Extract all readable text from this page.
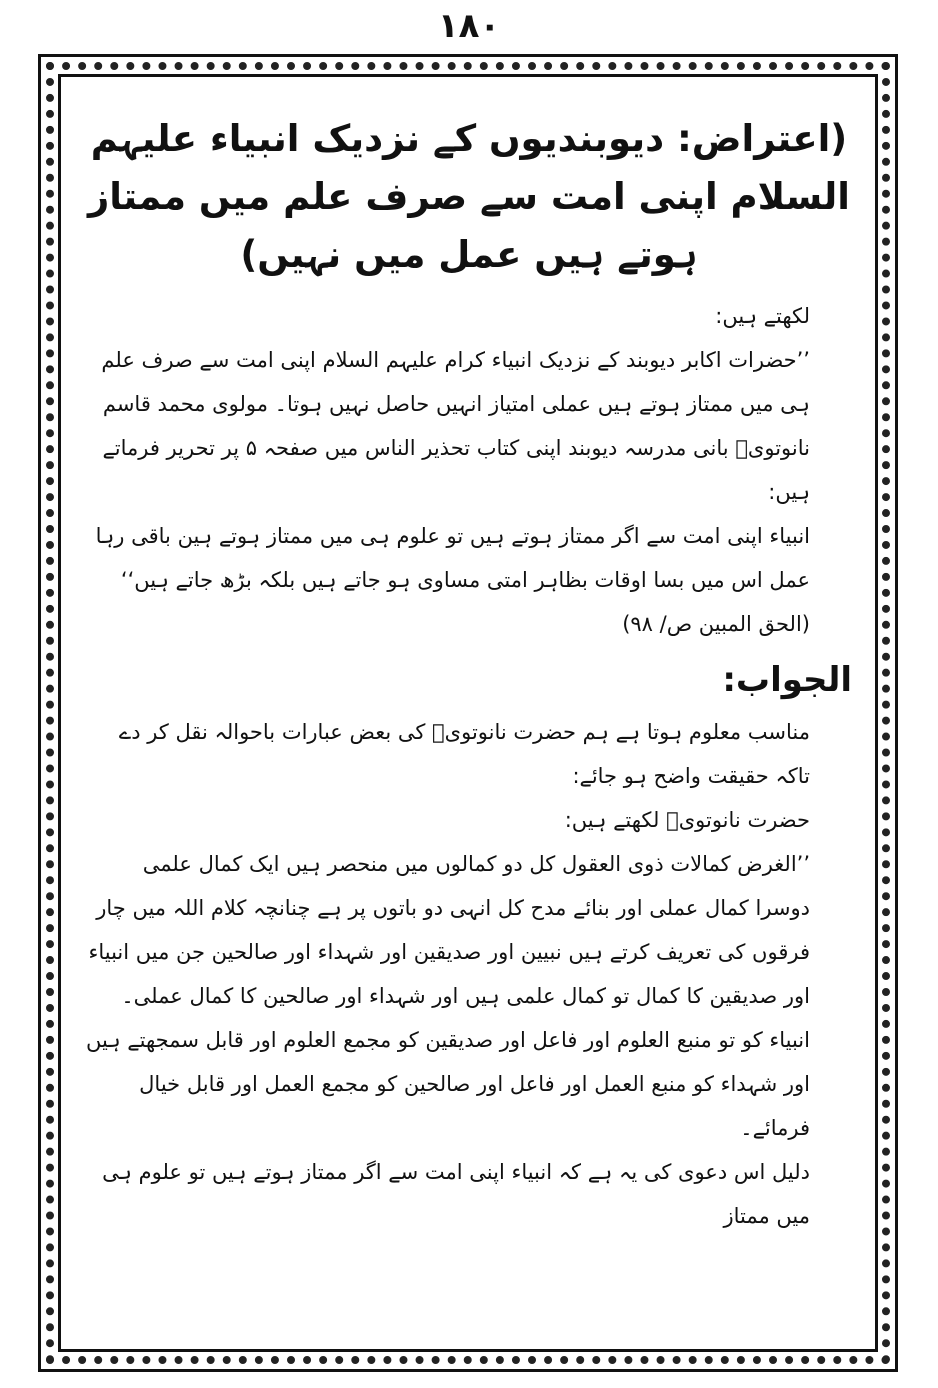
۱۸۰
(اعتراض: دیوبندیوں کے نزدیک انبیاء علیہم السلام اپنی امت سے صرف علم میں ممتاز ہوتے ہیں عمل میں نہیں)

لکھتے ہیں:

’’حضرات اکابر دیوبند کے نزدیک انبیاء کرام علیہم السلام اپنی امت سے صرف علم ہی میں ممتاز ہوتے ہیں عملی امتیاز انہیں حاصل نہیں ہوتا۔ مولوی محمد قاسم نانوتویؒ بانی مدرسہ دیوبند اپنی کتاب تحذیر الناس میں صفحہ ۵ پر تحریر فرماتے ہیں:

انبیاء اپنی امت سے اگر ممتاز ہوتے ہیں تو علوم ہی میں ممتاز ہوتے ہین باقی رہا عمل اس میں بسا اوقات بظاہر امتی مساوی ہو جاتے ہیں بلکہ بڑھ جاتے ہیں‘‘ (الحق المبین ص/ ۹۸)

الجواب:

مناسب معلوم ہوتا ہے ہم حضرت نانوتویؒ کی بعض عبارات باحوالہ نقل کر دے تاکہ حقیقت واضح ہو جائے:

حضرت نانوتویؒ لکھتے ہیں:

’’الغرض کمالات ذوی العقول کل دو کمالوں میں منحصر ہیں ایک کمال علمی دوسرا کمال عملی اور بنائے مدح کل انہی دو باتوں پر ہے چنانچہ کلام اللہ میں چار فرقوں کی تعریف کرتے ہیں نبیین اور صدیقین اور شہداء اور صالحین جن میں انبیاء اور صدیقین کا کمال تو کمال علمی ہیں اور شہداء اور صالحین کا کمال عملی۔ انبیاء کو تو منبع العلوم اور فاعل اور صدیقین کو مجمع العلوم اور قابل سمجھتے ہیں اور شہداء کو منبع العمل اور فاعل اور صالحین کو مجمع العمل اور قابل خیال فرمائے۔

دلیل اس دعوی کی یہ ہے کہ انبیاء اپنی امت سے اگر ممتاز ہوتے ہیں تو علوم ہی میں ممتاز
